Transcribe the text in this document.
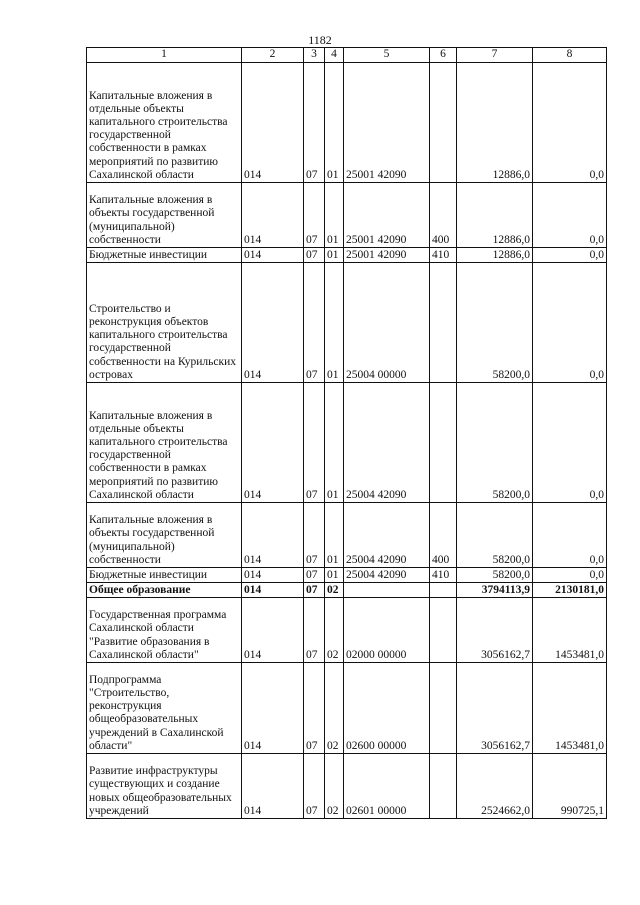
1182
1	2	3	4	5	6	7	8
Капитальные вложения в отдельные объекты капитального строительства государственной собственности в рамках мероприятий по развитию Сахалинской области	014	07	01	25001 42090		12886,0	0,0
Капитальные вложения в объекты государственной (муниципальной) собственности	014	07	01	25001 42090	400	12886,0	0,0
Бюджетные инвестиции	014	07	01	25001 42090	410	12886,0	0,0
Строительство и реконструкция объектов капитального строительства государственной собственности на Курильских островах	014	07	01	25004 00000		58200,0	0,0
Капитальные вложения в отдельные объекты капитального строительства государственной собственности в рамках мероприятий по развитию Сахалинской области	014	07	01	25004 42090		58200,0	0,0
Капитальные вложения в объекты государственной (муниципальной) собственности	014	07	01	25004 42090	400	58200,0	0,0
Бюджетные инвестиции	014	07	01	25004 42090	410	58200,0	0,0
Общее образование	014	07	02			3794113,9	2130181,0
Государственная программа Сахалинской области "Развитие образования в Сахалинской области"	014	07	02	02000 00000		3056162,7	1453481,0
Подпрограмма "Строительство, реконструкция общеобразовательных учреждений в Сахалинской области"	014	07	02	02600 00000		3056162,7	1453481,0
Развитие инфраструктуры существующих и создание новых общеобразовательных учреждений	014	07	02	02601 00000		2524662,0	990725,1
